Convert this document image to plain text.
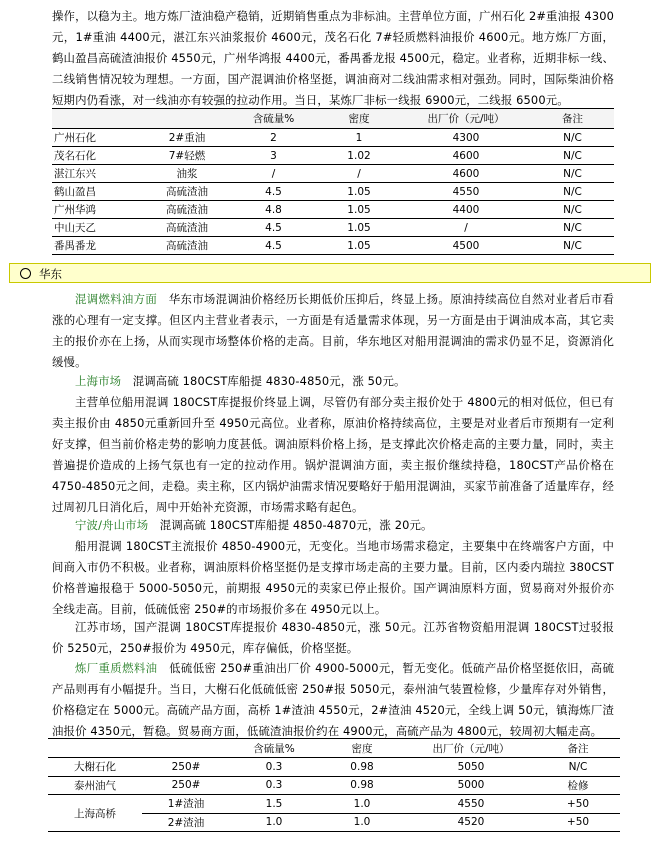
操作，以稳为主。地方炼厂渣油稳产稳销，近期销售重点为非标油。主营单位方面，广州石化 2#重油报 4300元，1#重油 4400元，湛江东兴油浆报价 4600元，茂名石化 7#轻质燃料油报价 4600元。地方炼厂方面，鹤山盈昌高硫渣油报价 4550元，广州华鸿报 4400元，番禺番龙报 4500元，稳定。业者称，近期非标一线、二线销售情况较为理想。一方面，国产混调油价格坚挺，调油商对二线油需求相对强劲。同时，国际柴油价格短期内仍看涨，对一线油亦有较强的拉动作用。当日，某炼厂非标一线报 6900元，二线报 6500元。

		含硫量%	密度	出厂价（元/吨）	备注
广州石化	2#重油	2	1	4300	N/C
茂名石化	7#轻燃	3	1.02	4600	N/C
湛江东兴	油浆	/	/	4600	N/C
鹤山盈昌	高硫渣油	4.5	1.05	4550	N/C
广州华鸿	高硫渣油	4.8	1.05	4400	N/C
中山天乙	高硫渣油	4.5	1.05	/	N/C
番禺番龙	高硫渣油	4.5	1.05	4500	N/C
华东

混调燃料油方面　华东市场混调油价格经历长期低价压抑后，终显上扬。原油持续高位自然对业者后市看涨的心理有一定支撑。但区内主营业者表示，一方面是有适量需求体现，另一方面是由于调油成本高，其它卖主的报价亦在上扬，从而实现市场整体价格的走高。目前，华东地区对船用混调油的需求仍显不足，资源消化缓慢。

上海市场　混调高硫 180CST库船提 4830-4850元，涨 50元。

主营单位船用混调 180CST库提报价终显上调，尽管仍有部分卖主报价处于 4800元的相对低位，但已有卖主报价由 4850元重新回升至 4950元高位。业者称，原油价格持续高位，主要是对业者后市预期有一定利好支撑，但当前价格走势的影响力度甚低。调油原料价格上扬，是支撑此次价格走高的主要力量，同时，卖主普遍提价造成的上扬气氛也有一定的拉动作用。锅炉混调油方面，卖主报价继续持稳，180CST产品价格在 4750-4850元之间，走稳。卖主称，区内锅炉油需求情况要略好于船用混调油，买家节前准备了适量库存，经过周初几日消化后，周中开始补充资源，市场需求略有起色。

宁波/舟山市场　混调高硫 180CST库船提 4850-4870元，涨 20元。

船用混调 180CST主流报价 4850-4900元，无变化。当地市场需求稳定，主要集中在终端客户方面，中间商入市仍不积极。业者称，调油原料价格坚挺仍是支撑市场走高的主要力量。目前，区内委内瑞拉 380CST价格普遍报稳于 5000-5050元，前期报 4950元的卖家已停止报价。国产调油原料方面，贸易商对外报价亦全线走高。目前，低硫低密 250#的市场报价多在 4950元以上。

江苏市场，国产混调 180CST库提报价 4830-4850元，涨 50元。江苏省物资船用混调 180CST过驳报价 5250元，250#报价为 4950元，库存偏低，价格坚挺。

炼厂重质燃料油　低硫低密 250#重油出厂价 4900-5000元，暂无变化。低硫产品价格坚挺依旧，高硫产品则再有小幅提升。当日，大榭石化低硫低密 250#报 5050元，泰州油气装置检修，少量库存对外销售，价格稳定在 5000元。高硫产品方面，高桥 1#渣油 4550元，2#渣油 4520元，全线上调 50元，镇海炼厂渣油报价 4350元，暂稳。贸易商方面，低硫渣油报价约在 4900元，高硫产品为 4800元，较周初大幅走高。

		含硫量%	密度	出厂价（元/吨）	备注
大榭石化	250#	0.3	0.98	5050	N/C
泰州油气	250#	0.3	0.98	5000	检修
上海高桥	1#渣油	1.5	1.0	4550	+50
	2#渣油	1.0	1.0	4520	+50
